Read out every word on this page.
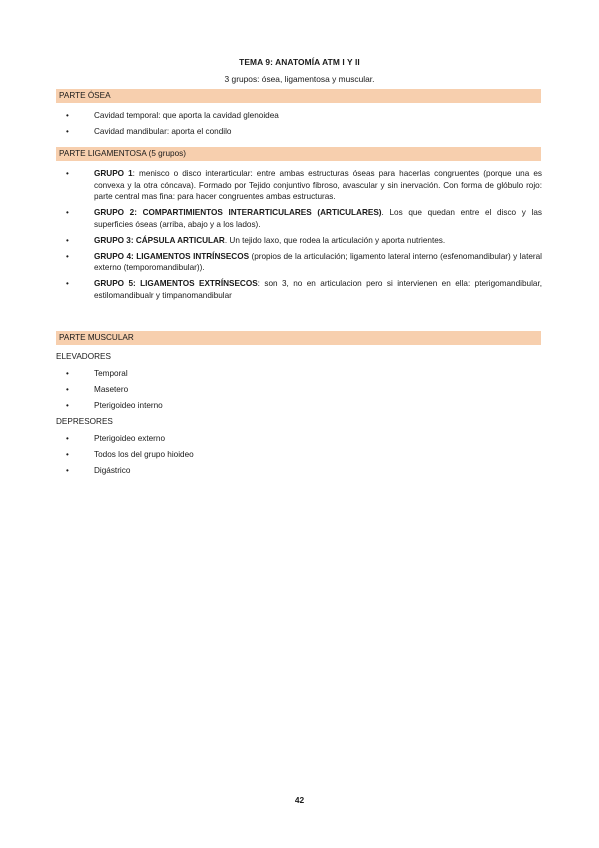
TEMA 9: ANATOMÍA ATM I Y II
3 grupos: ósea, ligamentosa y muscular.
PARTE ÓSEA
•	Cavidad temporal: que aporta la cavidad glenoidea
•	Cavidad mandibular: aporta el condilo
PARTE LIGAMENTOSA (5 grupos)
•	GRUPO 1: menisco o disco interarticular: entre ambas estructuras óseas para hacerlas congruentes (porque una es convexa y la otra cóncava). Formado por Tejido conjuntivo fibroso, avascular y sin inervación. Con forma de glóbulo rojo: parte central mas fina: para hacer congruentes ambas estructuras.
•	GRUPO 2: COMPARTIMIENTOS INTERARTICULARES (ARTICULARES). Los que quedan entre el disco y las superficies óseas (arriba, abajo y a los lados).
•	GRUPO 3: CÁPSULA ARTICULAR. Un tejido laxo, que rodea la articulación y aporta nutrientes.
•	GRUPO 4: LIGAMENTOS INTRÍNSECOS (propios de la articulación; ligamento lateral interno (esfenomandibular) y lateral externo (temporomandibular)).
•	GRUPO 5: LIGAMENTOS EXTRÍNSECOS: son 3, no en articulacion pero si intervienen en ella: pterigomandibular, estilomandibualr y timpanomandibular
PARTE MUSCULAR
ELEVADORES
•	Temporal
•	Masetero
•	Pterigoideo interno
DEPRESORES
•	Pterigoideo externo
•	Todos los del grupo hioideo
•	Digástrico
42
